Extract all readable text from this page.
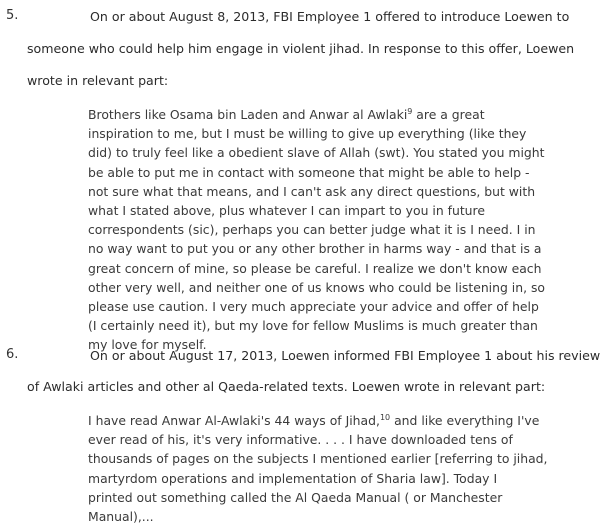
5.	On or about August 8, 2013, FBI Employee 1 offered to introduce Loewen to
someone who could help him engage in violent jihad. In response to this offer, Loewen
wrote in relevant part:
Brothers like Osama bin Laden and Anwar al Awlaki$^9$ are a great
inspiration to me, but I must be willing to give up everything (like they
did) to truly feel like a obedient slave of Allah (swt). You stated you might
be able to put me in contact with someone that might be able to help -
not sure what that means, and I can't ask any direct questions, but with
what I stated above, plus whatever I can impart to you in future
correspondents (sic), perhaps you can better judge what it is I need. I in
no way want to put you or any other brother in harms way - and that is a
great concern of mine, so please be careful. I realize we don't know each
other very well, and neither one of us knows who could be listening in, so
please use caution. I very much appreciate your advice and offer of help
(I certainly need it), but my love for fellow Muslims is much greater than
my love for myself.
6.	On or about August 17, 2013, Loewen informed FBI Employee 1 about his review
of Awlaki articles and other al Qaeda-related texts. Loewen wrote in relevant part:
I have read Anwar Al-Awlaki's 44 ways of Jihad,$^{10}$ and like everything I've
ever read of his, it's very informative. . . . I have downloaded tens of
thousands of pages on the subjects I mentioned earlier [referring to jihad,
martyrdom operations and implementation of Sharia law]. Today I
printed out something called the Al Qaeda Manual ( or Manchester
Manual),...
